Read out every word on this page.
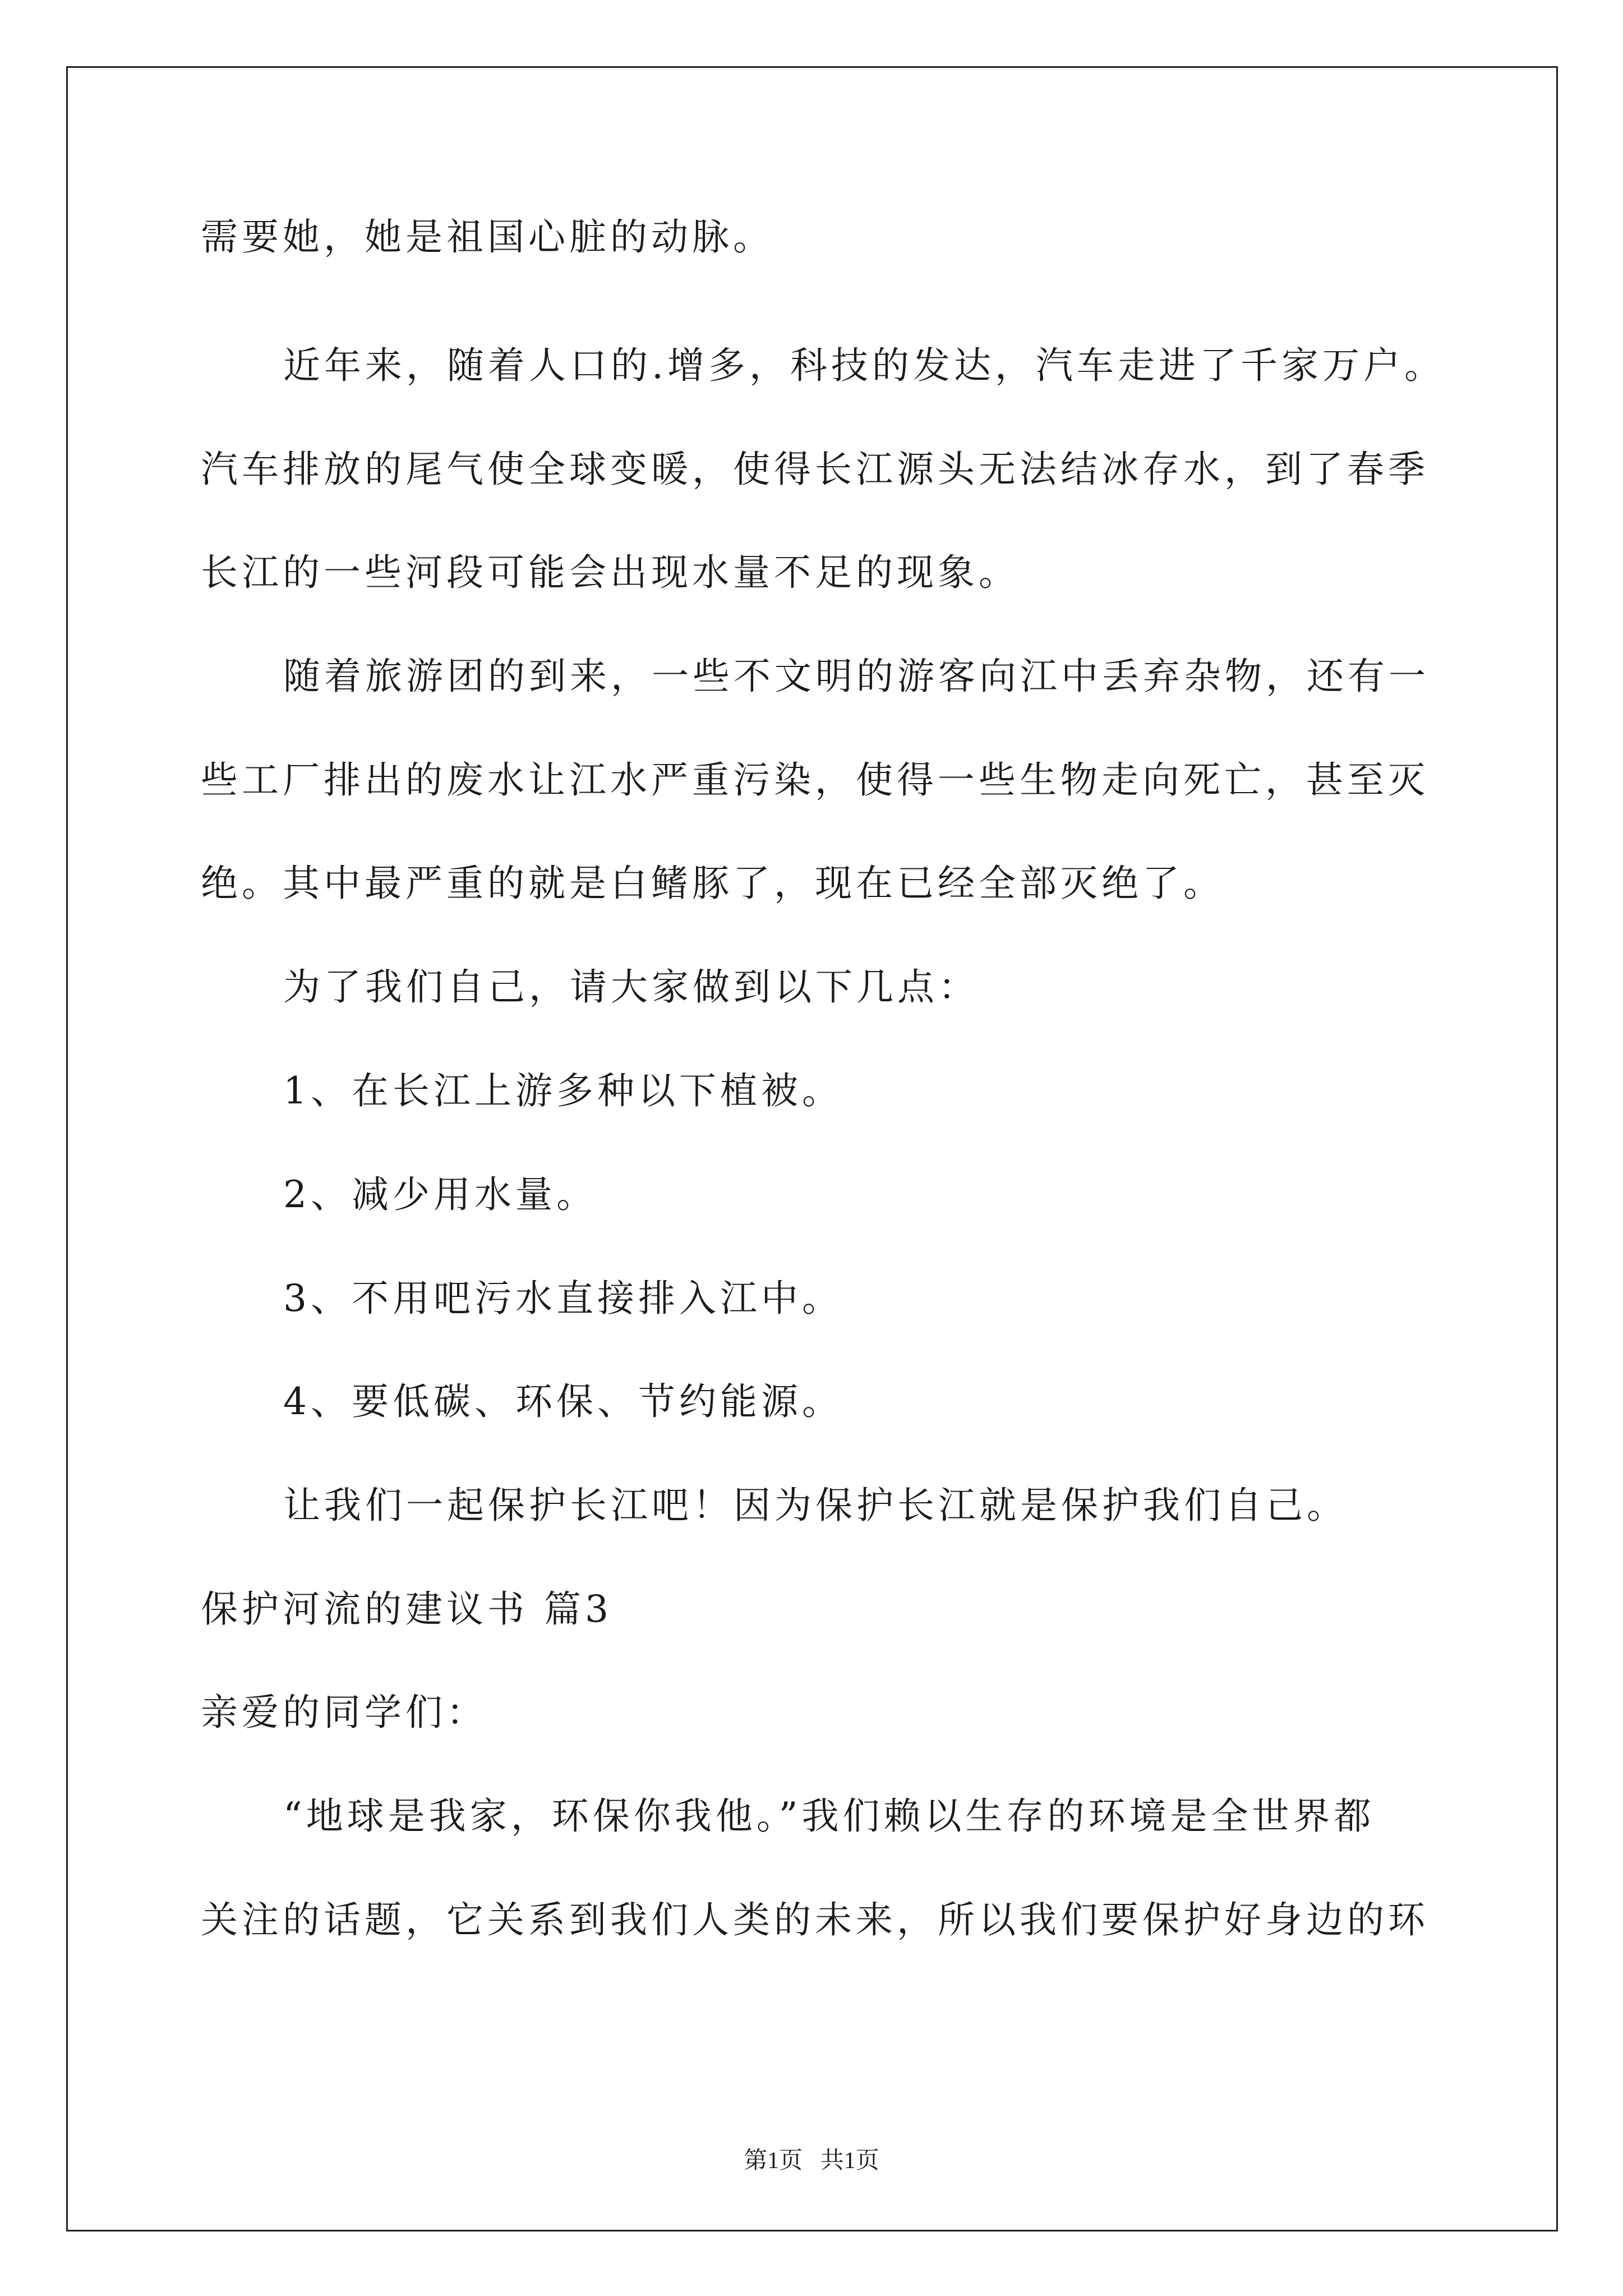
需要她，她是祖国心脏的动脉。
近年来，随着人口的.增多，科技的发达，汽车走进了千家万户。
汽车排放的尾气使全球变暖，使得长江源头无法结冰存水，到了春季
长江的一些河段可能会出现水量不足的现象。
随着旅游团的到来，一些不文明的游客向江中丢弃杂物，还有一
些工厂排出的废水让江水严重污染，使得一些生物走向死亡，甚至灭
绝。其中最严重的就是白鳍豚了，现在已经全部灭绝了。
为了我们自己，请大家做到以下几点：
1、在长江上游多种以下植被。
2、减少用水量。
3、不用吧污水直接排入江中。
4、要低碳、环保、节约能源。
让我们一起保护长江吧！因为保护长江就是保护我们自己。
保护河流的建议书 篇3
亲爱的同学们：
“地球是我家，环保你我他。”我们赖以生存的环境是全世界都
关注的话题，它关系到我们人类的未来，所以我们要保护好身边的环
第1页   共1页
